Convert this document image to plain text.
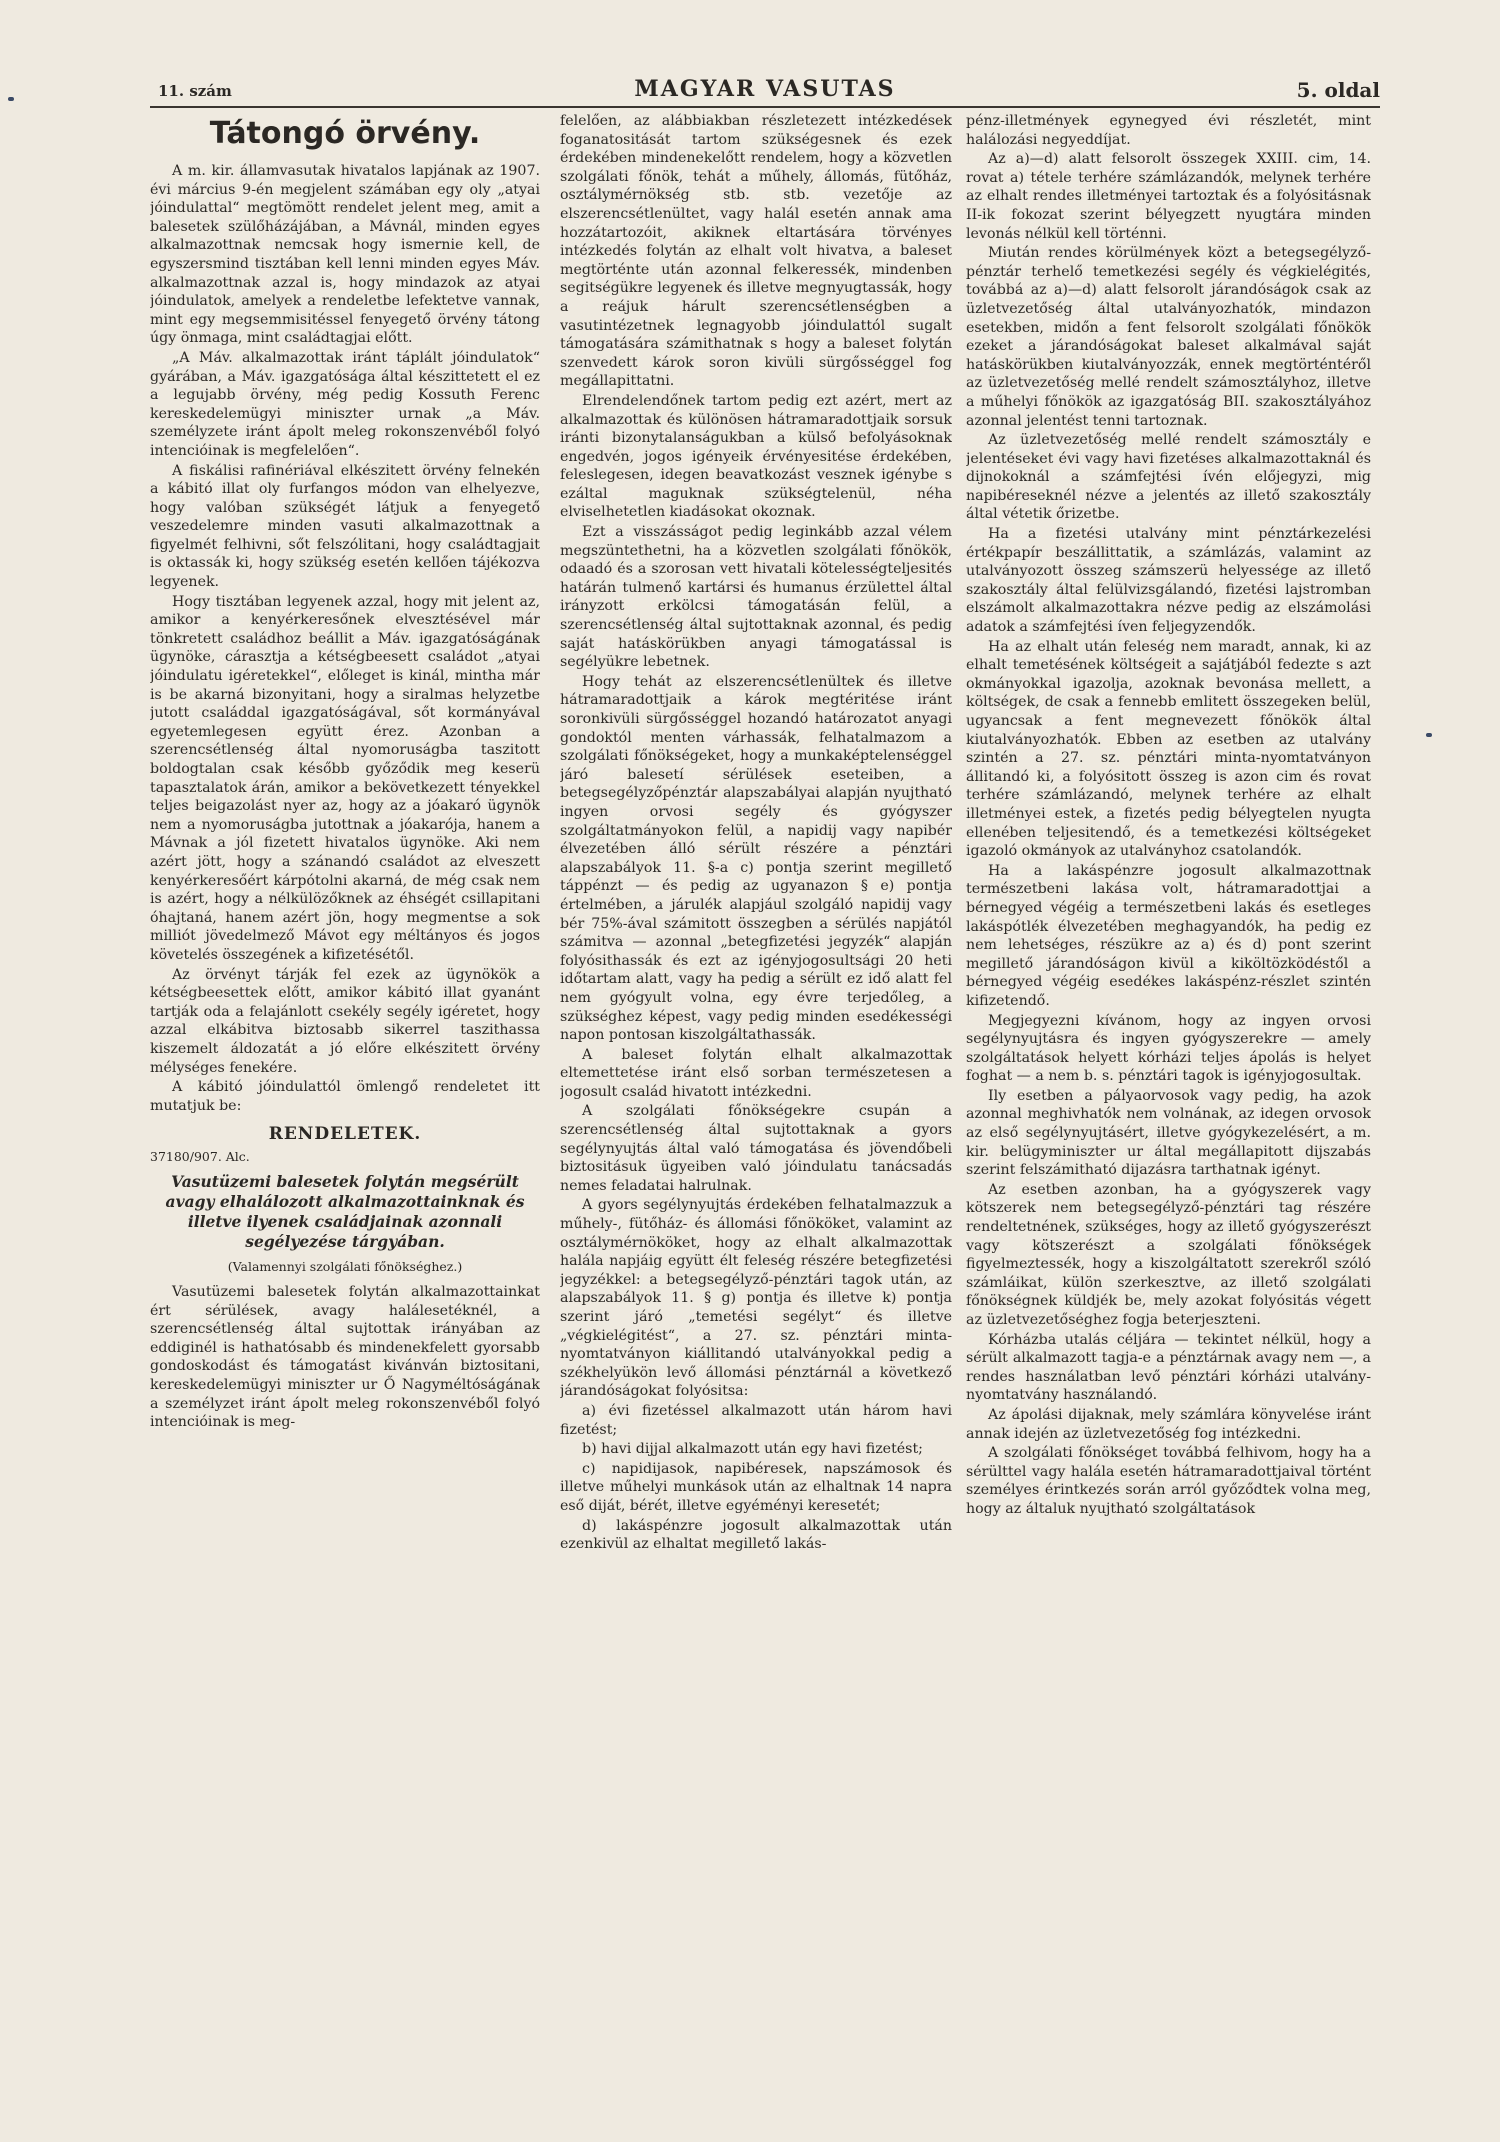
11. szám	MAGYAR VASUTAS	5. oldal
Tátongó örvény.

A m. kir. államvasutak hivatalos lapjának az 1907. évi március 9-én megjelent számában egy oly „atyai jóindulattal“ megtömött rendelet jelent meg, amit a balesetek szülőházájában, a Mávnál, minden egyes alkalmazottnak nemcsak hogy ismernie kell, de egyszersmind tisztában kell lenni minden egyes Máv. alkalmazottnak azzal is, hogy mindazok az atyai jóindulatok, amelyek a rendeletbe lefektetve vannak, mint egy megsemmisitéssel fenyegető örvény tátong úgy önmaga, mint családtagjai előtt.

„A Máv. alkalmazottak iránt táplált jóindulatok“ gyárában, a Máv. igazgatósága által készittetett el ez a legujabb örvény, még pedig Kossuth Ferenc kereskedelemügyi miniszter urnak „a Máv. személyzete iránt ápolt meleg rokonszenvéből folyó intencióinak is megfelelően“.

A fiskálisi rafinériával elkészitett örvény felnekén a kábitó illat oly furfangos módon van elhelyezve, hogy valóban szükségét látjuk a fenyegető veszedelemre minden vasuti alkalmazottnak a figyelmét felhivni, sőt felszólitani, hogy családtagjait is oktassák ki, hogy szükség esetén kellően tájékozva legyenek.

Hogy tisztában legyenek azzal, hogy mit jelent az, amikor a kenyérkeresőnek elvesztésével már tönkretett családhoz beállit a Máv. igazgatóságának ügynöke, cárasztja a kétségbeesett családot „atyai jóindulatu igéretekkel“, előleget is kinál, mintha már is be akarná bizonyitani, hogy a siralmas helyzetbe jutott családdal igazgatóságával, sőt kormányával egyetemlegesen együtt érez. Azonban a szerencsétlenség által nyomoruságba taszitott boldogtalan csak később győződik meg keserü tapasztalatok árán, amikor a bekövetkezett tényekkel teljes beigazolást nyer az, hogy az a jóakaró ügynök nem a nyomoruságba jutottnak a jóakarója, hanem a Mávnak a jól fizetett hivatalos ügynöke. Aki nem azért jött, hogy a szánandó családot az elveszett kenyérkeresőért kárpótolni akarná, de még csak nem is azért, hogy a nélkülözőknek az éhségét csillapitani óhajtaná, hanem azért jön, hogy megmentse a sok milliót jövedelmező Mávot egy méltányos és jogos követelés összegének a kifizetésétől.

Az örvényt tárják fel ezek az ügynökök a kétségbeesettek előtt, amikor kábitó illat gyanánt tartják oda a felajánlott csekély segély igéretet, hogy azzal elkábitva biztosabb sikerrel taszithassa kiszemelt áldozatát a jó előre elkészitett örvény mélységes fenekére.

A kábitó jóindulattól ömlengő rendeletet itt mutatjuk be:

RENDELETEK.
37180/907. Alc.
Vasutüzemi balesetek folytán megsérült avagy elhalálozott alkalmazottainknak és illetve ilyenek családjainak azonnali segélyezése tárgyában.
(Valamennyi szolgálati főnökséghez.)

Vasutüzemi balesetek folytán alkalmazottainkat ért sérülések, avagy halálesetéknél, a szerencsétlenség által sujtottak irányában az eddiginél is hathatósabb és mindenekfelett gyorsabb gondoskodást és támogatást kivánván biztositani, kereskedelemügyi miniszter ur Ő Nagyméltóságának a személyzet iránt ápolt meleg rokonszenvéből folyó intencióinak is meg-

felelően, az alábbiakban részletezett intézkedések foganatositását tartom szükségesnek és ezek érdekében mindenekelőtt rendelem, hogy a közvetlen szolgálati főnök, tehát a műhely, állomás, fütőház, osztálymérnökség stb. stb. vezetője az elszerencsétlenültet, vagy halál esetén annak ama hozzátartozóit, akiknek eltartására törvényes intézkedés folytán az elhalt volt hivatva, a baleset megtörténte után azonnal felkeressék, mindenben segitségükre legyenek és illetve megnyugtassák, hogy a reájuk hárult szerencsétlenségben a vasutintézetnek legnagyobb jóindulattól sugalt támogatására számithatnak s hogy a baleset folytán szenvedett károk soron kivüli sürgősséggel fog megállapittatni.

Elrendelendőnek tartom pedig ezt azért, mert az alkalmazottak és különösen hátramaradottjaik sorsuk iránti bizonytalanságukban a külső befolyásoknak engedvén, jogos igényeik érvényesitése érdekében, feleslegesen, idegen beavatkozást vesznek igénybe s ezáltal maguknak szükségtelenül, néha elviselhetetlen kiadásokat okoznak.

Ezt a visszásságot pedig leginkább azzal vélem megszüntethetni, ha a közvetlen szolgálati főnökök, odaadó és a szorosan vett hivatali kötelességteljesités határán tulmenő kartársi és humanus érzülettel által irányzott erkölcsi támogatásán felül, a szerencsétlenség által sujtottaknak azonnal, és pedig saját hatáskörükben anyagi támogatással is segélyükre lebetnek.

Hogy tehát az elszerencsétlenültek és illetve hátramaradottjaik a károk megtéritése iránt soronkivüli sürgősséggel hozandó határozatot anyagi gondoktól menten várhassák, felhatalmazom a szolgálati főnökségeket, hogy a munkaképtelenséggel járó balesetí sérülések eseteiben, a betegsegélyzőpénztár alapszabályai alapján nyujtható ingyen orvosi segély és gyógyszer szolgáltatmányokon felül, a napidij vagy napibér élvezetében álló sérült részére a pénztári alapszabályok 11. §-a c) pontja szerint megillető táppénzt — és pedig az ugyanazon § e) pontja értelmében, a járulék alapjául szolgáló napidij vagy bér 75%-ával számitott összegben a sérülés napjától számitva — azonnal „betegfizetési jegyzék“ alapján folyósithassák és ezt az igényjogosultsági 20 heti időtartam alatt, vagy ha pedig a sérült ez idő alatt fel nem gyógyult volna, egy évre terjedőleg, a szükséghez képest, vagy pedig minden esedékességi napon pontosan kiszolgáltathassák.

A baleset folytán elhalt alkalmazottak eltemettetése iránt első sorban természetesen a jogosult család hivatott intézkedni.

A szolgálati főnökségekre csupán a szerencsétlenség által sujtottaknak a gyors segélynyujtás által való támogatása és jövendőbeli biztositásuk ügyeiben való jóindulatu tanácsadás nemes feladatai halrulnak.

A gyors segélynyujtás érdekében felhatalmazzuk a műhely-, fütőház- és állomási főnököket, valamint az osztálymérnököket, hogy az elhalt alkalmazottak halála napjáig együtt élt feleség részére betegfizetési jegyzékkel: a betegsegélyző-pénztári tagok után, az alapszabályok 11. § g) pontja és illetve k) pontja szerint járó „temetési segélyt“ és illetve „végkielégitést“, a 27. sz. pénztári minta-nyomtatványon kiállitandó utalványokkal pedig a székhelyükön levő állomási pénztárnál a következő járandóságokat folyósitsa:

a) évi fizetéssel alkalmazott után három havi fizetést;

b) havi dijjal alkalmazott után egy havi fizetést;

c) napidijasok, napibéresek, napszámosok és illetve műhelyi munkások után az elhaltnak 14 napra eső diját, bérét, illetve egyéményi keresetét;

d) lakáspénzre jogosult alkalmazottak után ezenkivül az elhaltat megillető lakás-

pénz-illetmények egynegyed évi részletét, mint halálozási negyeddíjat.

Az a)—d) alatt felsorolt összegek XXIII. cim, 14. rovat a) tétele terhére számlázandók, melynek terhére az elhalt rendes illetményei tartoztak és a folyósitásnak II-ik fokozat szerint bélyegzett nyugtára minden levonás nélkül kell történni.

Miután rendes körülmények közt a betegsegélyző-pénztár terhelő temetkezési segély és végkielégités, továbbá az a)—d) alatt felsorolt járandóságok csak az üzletvezetőség által utalványozhatók, mindazon esetekben, midőn a fent felsorolt szolgálati főnökök ezeket a járandóságokat baleset alkalmával saját hatáskörükben kiutalványozzák, ennek megtörténtéről az üzletvezetőség mellé rendelt számosztályhoz, illetve a műhelyi főnökök az igazgatóság BII. szakosztályához azonnal jelentést tenni tartoznak.

Az üzletvezetőség mellé rendelt számosztály e jelentéseket évi vagy havi fizetéses alkalmazottaknál és dijnokoknál a számfejtési ívén előjegyzi, mig napibéreseknél nézve a jelentés az illető szakosztály által vétetik őrizetbe.

Ha a fizetési utalvány mint pénztárkezelési értékpapír beszállittatik, a számlázás, valamint az utalványozott összeg számszerü helyessége az illető szakosztály által felülvizsgálandó, fizetési lajstromban elszámolt alkalmazottakra nézve pedig az elszámolási adatok a számfejtési íven feljegyzendők.

Ha az elhalt után feleség nem maradt, annak, ki az elhalt temetésének költségeit a sajátjából fedezte s azt okmányokkal igazolja, azoknak bevonása mellett, a költségek, de csak a fennebb emlitett összegeken belül, ugyancsak a fent megnevezett főnökök által kiutalványozhatók. Ebben az esetben az utalvány szintén a 27. sz. pénztári minta-nyomtatványon állitandó ki, a folyósitott összeg is azon cim és rovat terhére számlázandó, melynek terhére az elhalt illetményei estek, a fizetés pedig bélyegtelen nyugta ellenében teljesitendő, és a temetkezési költségeket igazoló okmányok az utalványhoz csatolandók.

Ha a lakáspénzre jogosult alkalmazottnak természetbeni lakása volt, hátramaradottjai a bérnegyed végéig a természetbeni lakás és esetleges lakáspótlék élvezetében meghagyandók, ha pedig ez nem lehetséges, részükre az a) és d) pont szerint megillető járandóságon kivül a kiköltözködéstől a bérnegyed végéig esedékes lakáspénz-részlet szintén kifizetendő.

Megjegyezni kívánom, hogy az ingyen orvosi segélynyujtásra és ingyen gyógyszerekre — amely szolgáltatások helyett kórházi teljes ápolás is helyet foghat — a nem b. s. pénztári tagok is igényjogosultak.

Ily esetben a pályaorvosok vagy pedig, ha azok azonnal meghivhatók nem volnának, az idegen orvosok az első segélynyujtásért, illetve gyógykezelésért, a m. kir. belügyminiszter ur által megállapitott dijszabás szerint felszámitható dijazásra tarthatnak igényt.

Az esetben azonban, ha a gyógyszerek vagy kötszerek nem betegsegélyző-pénztári tag részére rendeltetnének, szükséges, hogy az illető gyógyszerészt vagy kötszerészt a szolgálati főnökségek figyelmeztessék, hogy a kiszolgáltatott szerekről szóló számláikat, külön szerkesztve, az illető szolgálati főnökségnek küldjék be, mely azokat folyósitás végett az üzletvezetőséghez fogja beterjeszteni.

Kórházba utalás céljára — tekintet nélkül, hogy a sérült alkalmazott tagja-e a pénztárnak avagy nem —, a rendes használatban levő pénztári kórházi utalvány-nyomtatvány használandó.

Az ápolási dijaknak, mely számlára könyvelése iránt annak idején az üzletvezetőség fog intézkedni.

A szolgálati főnökséget továbbá felhivom, hogy ha a sérülttel vagy halála esetén hátramaradottjaival történt személyes érintkezés során arról győződtek volna meg, hogy az általuk nyujtható szolgáltatások
